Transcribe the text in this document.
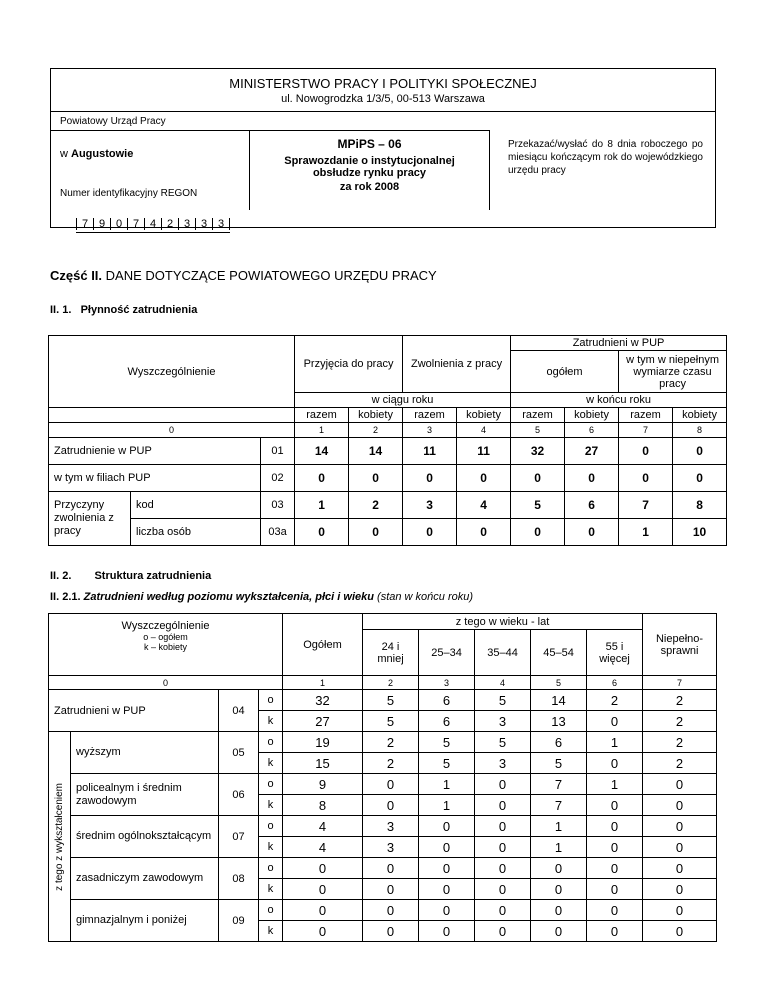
MINISTERSTWO PRACY I POLITYKI SPOŁECZNEJ
ul. Nowogrodzka 1/3/5, 00-513 Warszawa
Powiatowy Urząd Pracy
w Augustowie
Numer identyfikacyjny REGON
7 9 0 7 4 2 3 3 3
MPiPS – 06
Sprawozdanie o instytucjonalnej
obsłudze rynku pracy
za rok 2008
Przekazać/wysłać do 8 dnia roboczego po miesiącu kończącym rok do wojewódzkiego urzędu pracy
Część II. DANE DOTYCZĄCE POWIATOWEGO URZĘDU PRACY
II. 1.   Płynność zatrudnienia
Wyszczególnienie			Przyjęcia do pracy		Zwolnienia z pracy		Zatrudnieni w PUP			
							ogółem		w tym w niepełnym wymiarze czasu pracy	
			w ciągu roku				w końcu roku			
			razem	kobiety	razem	kobiety	razem	kobiety	razem	kobiety
0			1	2	3	4	5	6	7	8
Zatrudnienie w PUP		01	14	14	11	11	32	27	0	0
w tym w filiach PUP		02	0	0	0	0	0	0	0	0
Przyczyny zwolnienia z pracy	kod	03	1	2	3	4	5	6	7	8
	liczba osób	03a	0	0	0	0	0	0	1	10
II. 2. Struktura zatrudnienia
II. 2.1. Zatrudnieni według poziomu wykształcenia, płci i wieku (stan w końcu roku)
Wyszczególnienie
o – ogółem
k – kobiety				Ogółem	z tego w wieku - lat					Niepełno-sprawni
					24 i mniej	25–34	35–44	45–54	55 i więcej	
0				1	2	3	4	5	6	7
Zatrudnieni w PUP		04	o	32	5	6	5	14	2	2
			k	27	5	6	3	13	0	2

z tego z wykształceniem	wyższym	05	o	19	2	5	5	6	1	2
			k	15	2	5	3	5	0	2
	policealnym i średnim zawodowym	06	o	9	0	1	0	7	1	0
			k	8	0	1	0	7	0	0
	średnim ogólnokształcącym	07	o	4	3	0	0	1	0	0
			k	4	3	0	0	1	0	0
	zasadniczym zawodowym	08	o	0	0	0	0	0	0	0
			k	0	0	0	0	0	0	0
	gimnazjalnym i poniżej	09	o	0	0	0	0	0	0	0
			k	0	0	0	0	0	0	0
